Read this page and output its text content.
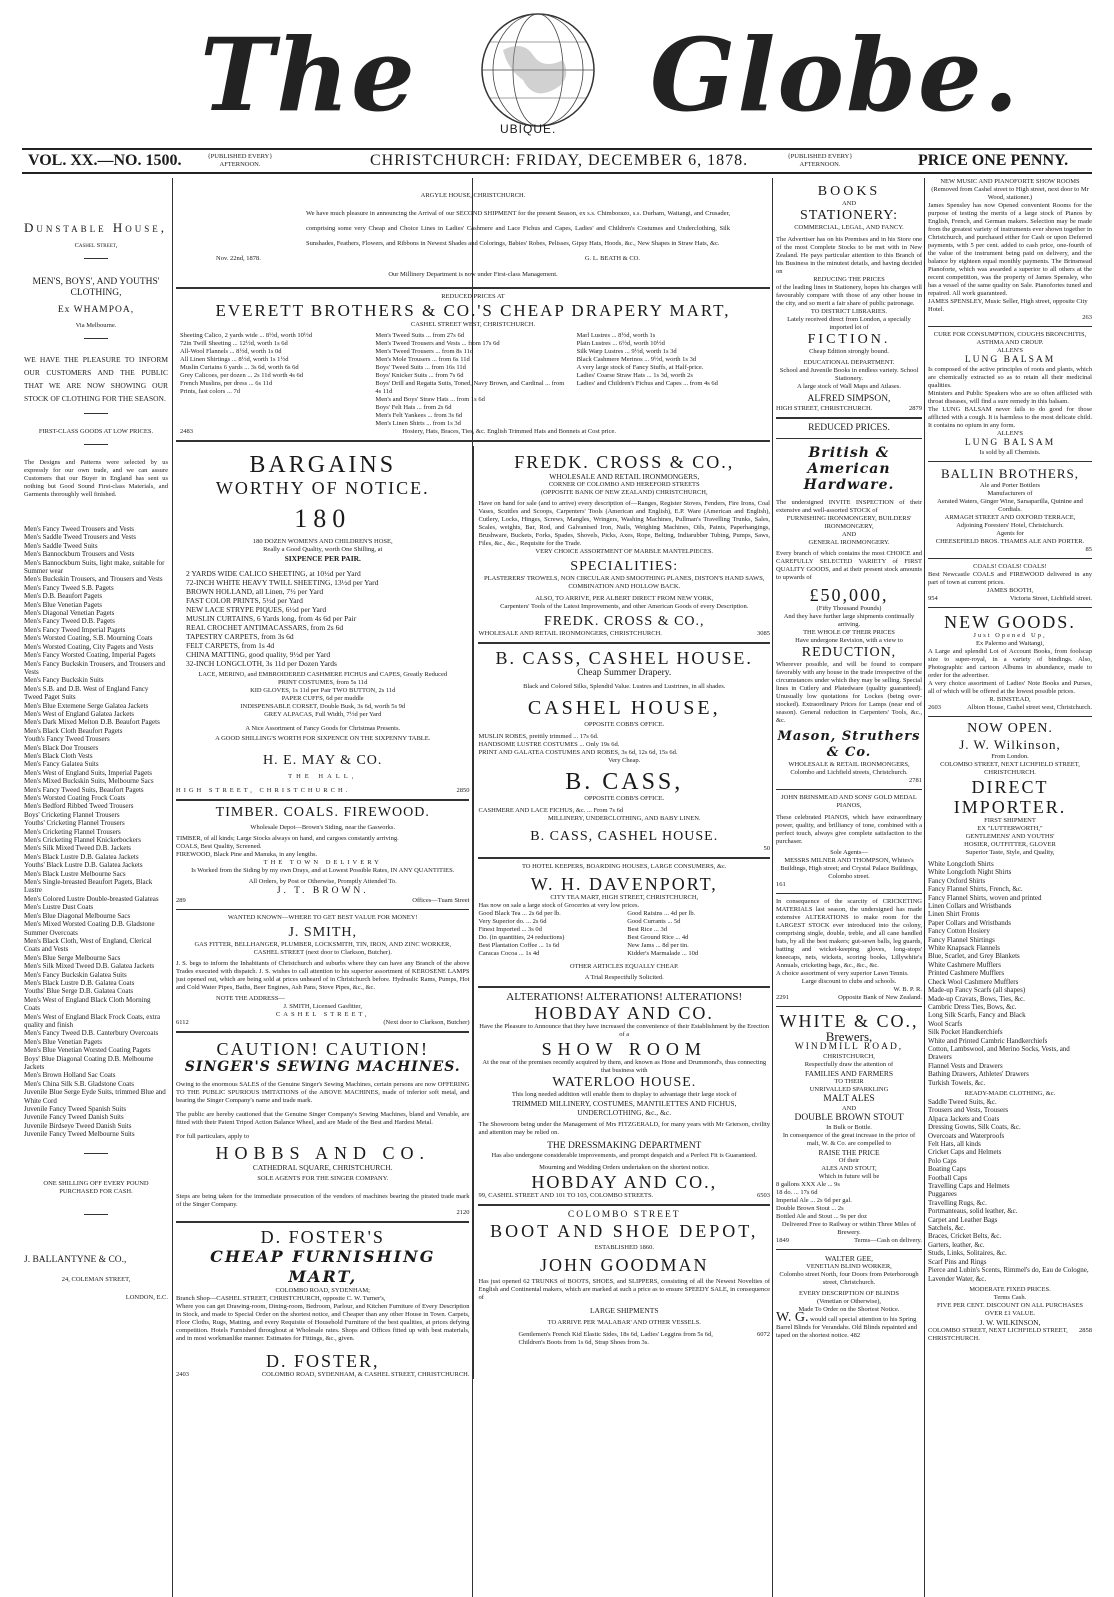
The	UBIQUE. Globe.
VOL. XX.—NO. 1500.	{PUBLISHED EVERY} AFTERNOON.	CHRISTCHURCH: FRIDAY, DECEMBER 6, 1878.	{PUBLISHED EVERY} AFTERNOON.	PRICE ONE PENNY.
Dunstable House,
Cashel Street,
MEN'S, BOYS', AND YOUTHS' CLOTHING,
Ex WHAMPOA,
Via Melbourne.
WE HAVE THE PLEASURE TO INFORM OUR CUSTOMERS AND THE PUBLIC THAT WE ARE NOW SHOWING OUR STOCK OF CLOTHING FOR THE SEASON.
FIRST-CLASS GOODS AT LOW PRICES.
The Designs and Patterns were selected by us expressly for our own trade, and we can assure Customers that our Buyer in England has sent us nothing but Good Sound First-class Materials, and Garments thoroughly well finished.
Men's Fancy Tweed Trousers and Vests
Men's Saddle Tweed Trousers and Vests
Men's Saddle Tweed Suits
Men's Bannockburn Trousers and Vests
Men's Bannockburn Suits, light make, suitable for Summer wear
Men's Buckskin Trousers, and Trousers and Vests
Men's Fancy Tweed S.B. Pagets
Men's D.B. Beaufort Pagets
Men's Blue Venetian Pagets
Men's Diagonal Venetian Pagets
Men's Fancy Tweed D.B. Pagets
Men's Fancy Tweed Imperial Pagets
Men's Worsted Coating, S.B. Mourning Coats
Men's Worsted Coating, City Pagets and Vests
Men's Fancy Worsted Coating, Imperial Pagets
Men's Fancy Buckskin Trousers, and Trousers and Vests
Men's Fancy Buckskin Suits
Men's S.B. and D.B. West of England Fancy Tweed Paget Suits
Men's Blue Extemene Serge Galatea Jackets
Men's West of England Galatea Jackets
Men's Dark Mixed Melton D.B. Beaufort Pagets
Men's Black Cloth Beaufort Pagets
Youth's Fancy Tweed Trousers
Men's Black Doe Trousers
Men's Black Cloth Vests
Men's Fancy Galatea Suits
Men's West of England Suits, Imperial Pagets
Men's Mixed Buckskin Suits, Melbourne Sacs
Men's Fancy Tweed Suits, Beaufort Pagets
Men's Worsted Coating Frock Coats
Men's Bedford Ribbed Tweed Trousers
Boys' Cricketing Flannel Trousers
Youths' Cricketing Flannel Trousers
Men's Cricketing Flannel Trousers
Men's Cricketing Flannel Knickerbockers
Men's Silk Mixed Tweed D.B. Jackets
Men's Black Lustre D.B. Galatea Jackets
Youths' Black Lustre D.B. Galatea Jackets
Men's Black Lustre Melbourne Sacs
Men's Single-breasted Beaufort Pagets, Black Lustre
Men's Colored Lustre Double-breasted Galateas
Men's Lustre Dust Coats
Men's Blue Diagonal Melbourne Sacs
Men's Mixed Worsted Coating D.B. Gladstone Summer Overcoats
Men's Black Cloth, West of England, Clerical Coats and Vests
Men's Blue Serge Melbourne Sacs
Men's Silk Mixed Tweed D.B. Galatea Jackets
Men's Fancy Buckskin Galatea Suits
Men's Black Lustre D.B. Galatea Coats
Youths' Blue Serge D.B. Galatea Coats
Men's West of England Black Cloth Morning Coats
Men's West of England Black Frock Coats, extra quality and finish
Men's Fancy Tweed D.B. Canterbury Overcoats
Men's Blue Venetian Pagets
Men's Blue Venetian Worsted Coating Pagets
Boys' Blue Diagonal Coating D.B. Melbourne Jackets
Men's Brown Holland Sac Coats
Men's China Silk S.B. Gladstone Coats
Juvenile Blue Serge Eyde Suits, trimmed Blue and White Cord
Juvenile Fancy Tweed Spanish Suits
Juvenile Fancy Tweed Danish Suits
Juvenile Birdseye Tweed Danish Suits
Juvenile Fancy Tweed Melbourne Suits
ONE SHILLING OFF EVERY POUND PURCHASED FOR CASH.
J. BALLANTYNE & CO.,
24, COLEMAN STREET,
LONDON, E.C.
ARGYLE HOUSE, CHRISTCHURCH.
We have much pleasure in announcing the Arrival of our SECOND SHIPMENT for the present Season, ex s.s. Chimborazo, s.s. Durham, Waitangi, and Crusader, comprising some very Cheap and Choice Lines in Ladies' Cashmere and Lace Fichus and Capes, Ladies' and Children's Costumes and Underclothing, Silk Sunshades, Feathers, Flowers, and Ribbons in Newest Shades and Colorings, Babies' Robes, Pelisses, Gipsy Hats, Hoods, &c., New Shapes in Straw Hats, &c.
Nov. 22nd, 1878.	G. L. BEATH & CO.
Our Millinery Department is now under First-class Management.
REDUCED PRICES AT
EVERETT BROTHERS & CO.'S CHEAP DRAPERY MART,
CASHEL STREET WEST, CHRISTCHURCH.
Sheeting Calico, 2 yards wide ... 8½d, worth 10½d
72in Twill Sheeting ... 12½d, worth 1s 6d
All-Wool Flannels ... 8½d, worth 1s 0d
All Linen Shirtings ... 8½d, worth 1s 1½d
Muslin Curtains 6 yards ... 3s 6d, worth 6s 6d
Grey Calicoes, per dozen ... 2s 11d worth 4s 6d
French Muslins, per dress ... 6s 11d
Prints, fast colors ... 7d
Men's Tweed Suits ... from 27s 6d
Men's Tweed Trousers and Vests ... from 17s 6d
Men's Tweed Trousers ... from 8s 11d
Men's Mole Trousers ... from 6s 11d
Boys' Tweed Suits ... from 16s 11d
Boys' Knicker Suits ... from 7s 6d
Boys' Drill and Regatta Suits, Toned, Navy Brown, and Cardinal ... from 4s 11d
Men's and Boys' Straw Hats ... from 1s 6d
Boys' Felt Hats ... from 2s 6d
Men's Felt Yankees ... from 3s 6d
Men's Linen Shirts ... from 1s 3d
Marl Lustres ... 8½d, worth 1s
Plain Lustres ... 6½d, worth 10½d
Silk Warp Lustres ... 9½d, worth 1s 3d
Black Cashmere Merinos ... 9½d, worth 1s 3d
A very large stock of Fancy Stuffs, at Half-price.
Ladies' Coarse Straw Hats ... 1s 3d, worth 2s
Ladies' and Children's Fichus and Capes ... from 4s 6d
2483	Hosiery, Hats, Braces, Ties, &c. English Trimmed Hats and Bonnets at Cost price.
BARGAINS
WORTHY OF NOTICE.
180
180 DOZEN WOMEN'S AND CHILDREN'S HOSE,
Really a Good Quality, worth One Shilling, at
SIXPENCE PER PAIR.
2 YARDS WIDE CALICO SHEETING, at 10½d per Yard
72-INCH WHITE HEAVY TWILL SHEETING, 13½d per Yard
BROWN HOLLAND, all Linen, 7½ per Yard
FAST COLOR PRINTS, 5½d per Yard
NEW LACE STRYPE PIQUES, 6½d per Yard
MUSLIN CURTAINS, 6 Yards long, from 4s 6d per Pair
REAL CROCHET ANTIMACASSARS, from 2s 6d
TAPESTRY CARPETS, from 3s 6d
FELT CARPETS, from 1s 4d
CHINA MATTING, good quality, 9½d per Yard
32-INCH LONGCLOTH, 3s 11d per Dozen Yards
LACE, MERINO, and EMBROIDERED CASHMERE FICHUS and CAPES, Greatly Reduced
PRINT COSTUMES, from 5s 11d
KID GLOVES, 1s 11d per Pair TWO BUTTON, 2s 11d
PAPER CUFFS, 6d per muddle
INDISPENSABLE CORSET, Double Busk, 3s 6d, worth 5s 9d
GREY ALPACAS, Full Width, 7½d per Yard
A Nice Assortment of Fancy Goods for Christmas Presents.
A GOOD SHILLING'S WORTH FOR SIXPENCE ON THE SIXPENNY TABLE.
H. E. MAY & CO.
THE HALL,
HIGH STREET, CHRISTCHURCH.	2850
TIMBER. COALS. FIREWOOD.
Wholesale Depot—Brown's Siding, near the Gasworks.
TIMBER, of all kinds; Large Stocks always on hand, and cargoes constantly arriving.
COALS, Best Quality, Screened.
FIREWOOD, Black Pine and Manuka, in any lengths.
THE TOWN DELIVERY
Is Worked from the Siding by my own Drays, and at Lowest Possible Rates, IN ANY QUANTITIES.
All Orders, by Post or Otherwise, Promptly Attended To.
J. T. BROWN.
289	Offices—Tuam Street
WANTED KNOWN—WHERE TO GET BEST VALUE FOR MONEY!
J. SMITH,
GAS FITTER, BELLHANGER, PLUMBER, LOCKSMITH, TIN, IRON, AND ZINC WORKER,
CASHEL STREET (next door to Clarkson, Butcher).
J. S. begs to inform the Inhabitants of Christchurch and suburbs where they can have any Branch of the above Trades executed with dispatch. J. S. wishes to call attention to his superior assortment of KEROSENE LAMPS just opened out, which are being sold at prices unheard of in Christchurch before. Hydraulic Rams, Pumps, Hot and Cold Water Pipes, Baths, Beer Engines, Ash Pans, Stove Pipes, &c., &c.
NOTE THE ADDRESS—
J. SMITH, Licensed Gasfitter,
CASHEL STREET,
6112	(Next door to Clarkson, Butcher)
CAUTION! CAUTION!
SINGER'S SEWING MACHINES.
Owing to the enormous SALES of the Genuine Singer's Sewing Machines, certain persons are now OFFERING TO THE PUBLIC SPURIOUS IMITATIONS of the ABOVE MACHINES, made of inferior soft metal, and bearing the Singer Company's name and trade mark.
The public are hereby cautioned that the Genuine Singer Company's Sewing Machines, bland and Venable, are fitted with their Patent Tripod Action Balance Wheel, and are Made of the Best and Hardest Metal.
For full particulars, apply to
HOBBS AND CO.
CATHEDRAL SQUARE, CHRISTCHURCH.
SOLE AGENTS FOR THE SINGER COMPANY.
Steps are being taken for the immediate prosecution of the vendors of machines bearing the pirated trade mark of the Singer Company.
2120
D. FOSTER'S
CHEAP FURNISHING MART,
COLOMBO ROAD, SYDENHAM;
Branch Shop—CASHEL STREET, CHRISTCHURCH, opposite C. W. Turner's,
Where you can get Drawing-room, Dining-room, Bedroom, Parlour, and Kitchen Furniture of Every Description in Stock, and made to Special Order on the shortest notice, and Cheaper than any other House in Town. Carpets, Floor Cloths, Rugs, Matting, and every Requisite of Household Furniture of the best qualities, at prices defying competition. Hotels Furnished throughout at Wholesale rates. Shops and Offices fitted up with best materials, and in most workmanlike manner. Estimates for Fittings, &c., given.
D. FOSTER,
2403	COLOMBO ROAD, SYDENHAM, & CASHEL STREET, CHRISTCHURCH.
FREDK. CROSS & CO.,
WHOLESALE AND RETAIL IRONMONGERS,
CORNER OF COLOMBO AND HEREFORD STREETS
(OPPOSITE BANK OF NEW ZEALAND) CHRISTCHURCH,
Have on hand for sale (and to arrive) every description of—Ranges, Register Stoves, Fenders, Fire Irons, Coal Vases, Scuttles and Scoops, Carpenters' Tools (American and English), E.P. Ware (American and English), Cutlery, Locks, Hinges, Screws, Mangles, Wringers, Washing Machines, Pullman's Travelling Trunks, Sales, Scales, weights, Bar, Rod, and Galvanised Iron, Nails, Weighing Machines, Oils, Paints, Paperhangings, Brushware, Buckets, Forks, Spades, Shovels, Picks, Axes, Rope, Belting, Indiarubber Tubing, Pumps, Saws, Files, &c., &c., Requisite for the Trade.
VERY CHOICE ASSORTMENT OF MARBLE MANTELPIECES.
SPECIALITIES:
PLASTERERS' TROWELS, NON CIRCULAR AND SMOOTHING PLANES, DISTON'S HAND SAWS, COMBINATION AND HOLLOW BACK.
ALSO, TO ARRIVE, PER ALBERT DIRECT FROM NEW YORK,
Carpenters' Tools of the Latest Improvements, and other American Goods of every Description.
FREDK. CROSS & CO.,
WHOLESALE AND RETAIL IRONMONGERS, CHRISTCHURCH.	3085
B. CASS, CASHEL HOUSE.
Cheap Summer Drapery.
Black and Colored Silks, Splendid Value. Lustres and Lustrines, in all shades.
CASHEL HOUSE,
OPPOSITE COBB'S OFFICE.
MUSLIN ROBES, prettily trimmed ... 17s 6d.
HANDSOME LUSTRE COSTUMES ... Only 19s 6d.
PRINT AND GALATEA COSTUMES AND ROBES, 3s 6d, 12s 6d, 15s 6d.
Very Cheap.
B. CASS,
OPPOSITE COBB'S OFFICE.
CASHMERE AND LACE FICHUS, &c. ... From 7s 6d
MILLINERY, UNDERCLOTHING, AND BABY LINEN.
B. CASS, CASHEL HOUSE.
50
TO HOTEL KEEPERS, BOARDING HOUSES, LARGE CONSUMERS, &c.
W. H. DAVENPORT,
CITY TEA MART, HIGH STREET, CHRISTCHURCH,
Has now on sale a large stock of Groceries at very low prices.
Good Black Tea ... 2s 6d per lb.
Very Superior do. ... 2s 6d
Finest Imported ... 3s 0d
Do. (in quantities, 24 reductions)
Best Plantation Coffee ... 1s 6d
Caracas Cocoa ... 1s 4d
Good Raisins ... 4d per lb.
Good Currants ... 5d
Best Rice ... 3d
Best Ground Rice ... 4d
New Jams ... 8d per tin.
Kidder's Marmalade ... 10d
OTHER ARTICLES EQUALLY CHEAP.
A Trial Respectfully Solicited.
ALTERATIONS! ALTERATIONS! ALTERATIONS!
HOBDAY AND CO.
Have the Pleasure to Announce that they have increased the convenience of their Establishment by the Erection of a
SHOW ROOM
At the rear of the premises recently acquired by them, and known as Hone and Drummond's, thus connecting that business with
WATERLOO HOUSE.
This long needed addition will enable them to display to advantage their large stock of
TRIMMED MILLINERY, COSTUMES, MANTILETTES AND FICHUS, UNDERCLOTHING, &c., &c.
The Showroom being under the Management of Mrs FITZGERALD, for many years with Mr Grierson, civility and attention may be relied on.
THE DRESSMAKING DEPARTMENT
Has also undergone considerable improvements, and prompt despatch and a Perfect Fit is Guaranteed.
Mourning and Wedding Orders undertaken on the shortest notice.
HOBDAY AND CO.,
99, CASHEL STREET AND 101 TO 103, COLOMBO STREETS.	6503
COLOMBO STREET
BOOT AND SHOE DEPOT,
ESTABLISHED 1860.
JOHN GOODMAN
Has just opened 62 TRUNKS of BOOTS, SHOES, and SLIPPERS, consisting of all the Newest Novelties of English and Continental makers, which are marked at such a price as to ensure SPEEDY SALE, in consequence of
LARGE SHIPMENTS
TO ARRIVE PER 'MALABAR' AND OTHER VESSELS.
Gentlemen's French Kid Elastic Sides, 18s 6d, Ladies' Leggins from 5s 6d, Children's Boots from 1s 6d, Strap Shoes from 3s.
6072
BOOKS
AND
STATIONERY:
COMMERCIAL, LEGAL, AND FANCY.
The Advertiser has on his Premises and in his Store one of the most Complete Stocks to be met with in New Zealand. He pays particular attention to this Branch of his Business in the minutest details, and having decided on
REDUCING THE PRICES
of the leading lines in Stationery, hopes his charges will favourably compare with those of any other house in the city, and so merit a fair share of public patronage.
TO DISTRICT LIBRARIES.
Lately received direct from London, a specially imported lot of
FICTION.
Cheap Edition strongly bound.
EDUCATIONAL DEPARTMENT.
School and Juvenile Books in endless variety. School Stationery.
A large stock of Wall Maps and Atlases.
ALFRED SIMPSON,
HIGH STREET, CHRISTCHURCH.	2879
REDUCED PRICES.
British & American Hardware.
The undersigned INVITE INSPECTION of their extensive and well-assorted STOCK of
FURNISHING IRONMONGERY, BUILDERS' IRONMONGERY,
AND
GENERAL IRONMONGERY.
Every branch of which contains the most CHOICE and CAREFULLY SELECTED VARIETY of FIRST QUALITY GOODS, and at their present stock amounts to upwards of
£50,000,
(Fifty Thousand Pounds)
And they have further large shipments continually arriving.
THE WHOLE OF THEIR PRICES
Have undergone Revision, with a view to
REDUCTION,
Wherever possible, and will be found to compare favorably with any house in the trade irrespective of the circumstances under which they may be selling. Special lines in Cutlery and Platedware (quality guaranteed). Unusually low quotations for Lockes (being over-stocked). Extraordinary Prices for Lamps (near end of season). General reduction in Carpenters' Tools, &c., &c.
Mason, Struthers & Co.
WHOLESALE & RETAIL IRONMONGERS,
Colombo and Lichfield streets, Christchurch.
2781
JOHN BRINSMEAD AND SONS' GOLD MEDAL PIANOS,
These celebrated PIANOS, which have extraordinary power, quality, and brilliancy of tone, combined with a perfect touch, always give complete satisfaction to the purchaser.
Sole Agents—
MESSRS MILNER AND THOMPSON, Whites's Buildings, High street; and Crystal Palace Buildings, Colombo street.
161
In consequence of the scarcity of CRICKETING MATERIALS last season, the undersigned has made extensive ALTERATIONS to make room for the LARGEST STOCK ever introduced into the colony, comprising single, double, treble, and all cane handled bats, by all the best makers; gut-sewn balls, leg guards, batting and wicket-keeping gloves, long-stops' kneecaps, nets, wickets, scoring books, Lillywhite's Annuals, cricketing bags, &c., &c., &c.
A choice assortment of very superior Lawn Tennis.
Large discount to clubs and schools.
W. B. P. R.
2291	Opposite Bank of New Zealand.
WHITE & CO.,
Brewers,
WINDMILL ROAD,
CHRISTCHURCH,
Respectfully draw the attention of
FAMILIES AND FARMERS
TO THEIR
UNRIVALLED SPARKLING
MALT ALES
AND
DOUBLE BROWN STOUT
In Bulk or Bottle.
In consequence of the great increase in the price of malt, W. & Co. are compelled to
RAISE THE PRICE
Of their
ALES AND STOUT,
Which in future will be
8 gallons XXX Ale ... 9s
18 do. ... 17s 6d
Imperial Ale ... 2s 6d per gal.
Double Brown Stout ... 2s
Bottled Ale and Stout ... 9s per doz
Delivered Free to Railway or within Three Miles of Brewery.
1849	Terms—Cash on delivery.
WALTER GEE,
VENETIAN BLIND WORKER,
Colombo street North, four Doors from Peterborough street, Christchurch.
EVERY DESCRIPTION OF BLINDS
(Venetian or Otherwise),
Made To Order on the Shortest Notice.
W. G. would call special attention to his Spring Barrel Blinds for Verandahs. Old Blinds repainted and taped on the shortest notice. 482
NEW MUSIC AND PIANOFORTE SHOW ROOMS
(Removed from Cashel street to High street, next door to Mr Wood, stationer.)
James Spensley has now Opened convenient Rooms for the purpose of testing the merits of a large stock of Pianos by English, French, and German makers. Selection may be made from the greatest variety of instruments ever shown together in Christchurch, and purchased either for Cash or upon Deferred payments, with 5 per cent. added to cash price, one-fourth of the value of the instrument being paid on delivery, and the balance by eighteen equal monthly payments. The Brinsmead Pianoforte, which was awarded a superior to all others at the recent competition, was the property of James Spensley, who has a vessel of the same quality on Sale. Pianofortes tuned and repaired. All work guaranteed.
JAMES SPENSLEY, Music Seller, High street, opposite City Hotel.
263
CURE FOR CONSUMPTION, COUGHS BRONCHITIS, ASTHMA AND CROUP.
ALLEN'S
LUNG BALSAM
Is composed of the active principles of roots and plants, which are chemically extracted so as to retain all their medicinal qualities.
Ministers and Public Speakers who are so often afflicted with throat diseases, will find a sure remedy in this balsam.
The LUNG BALSAM never fails to do good for those afflicted with a cough. It is harmless to the most delicate child. It contains no opium in any form.
ALLEN'S
LUNG BALSAM
Is sold by all Chemists.
BALLIN BROTHERS,
Ale and Porter Bottlers
Manufacturers of
Aerated Waters, Ginger Wine, Sarsaparilla, Quinine and Cordials.
ARMAGH STREET AND OXFORD TERRACE,
Adjoining Foresters' Hotel, Christchurch.
Agents for
CHEESEFIELD BROS. THAMES ALE AND PORTER.
85
COALS! COALS! COALS!
Best Newcastle COALS and FIREWOOD delivered in any part of town at current prices.
JAMES BOOTH,
954	Victoria Street, Lichfield street.
NEW GOODS.
Just Opened Up,
Ex Palermo and Waitangi,
A Large and splendid Lot of Account Books, from foolscap size to super-royal, in a variety of bindings. Also, Photographic and cartoon Albums in abundance, made to order for the advertiser.
A very choice assortment of Ladies' Note Books and Purses, all of which will be offered at the lowest possible prices.
R. BINSTEAD,
2603	Albion House, Cashel street west, Christchurch.
NOW OPEN.
J. W. Wilkinson,
From London.
COLOMBO STREET, NEXT LICHFIELD STREET, CHRISTCHURCH.
DIRECT
IMPORTER.
FIRST SHIPMENT
EX "LUTTERWORTH,"
GENTLEMENS' AND YOUTHS'
HOSIER, OUTFITTER, GLOVER
Superior Taste, Style, and Quality,
White Longcloth Shirts
White Longcloth Night Shirts
Fancy Oxford Shirts
Fancy Flannel Shirts, French, &c.
Fancy Flannel Shirts, woven and printed
Linen Collars and Wristbands
Linen Shirt Fronts
Paper Collars and Wristbands
Fancy Cotton Hosiery
Fancy Flannel Shirtings
White Knapsack Flannels
Blue, Scarlet, and Grey Blankets
White Cashmere Mufflers
Printed Cashmere Mufflers
Check Wool Cashmere Mufflers
Made-up Fancy Scarfs (all shapes)
Made-up Cravats, Bows, Ties, &c.
Cambric Dress Ties, Bows, &c.
Long Silk Scarfs, Fancy and Black
Wool Scarfs
Silk Pocket Handkerchiefs
White and Printed Cambric Handkerchiefs
Cotton, Lambswool, and Merino Socks, Vests, and Drawers
Flannel Vests and Drawers
Bathing Drawers, Athletes' Drawers
Turkish Towels, &c.
READY-MADE CLOTHING, &c.
Saddle Tweed Suits, &c.
Trousers and Vests, Trousers
Alpaca Jackets and Coats
Dressing Gowns, Silk Coats, &c.
Overcoats and Waterproofs
Felt Hats, all kinds
Cricket Caps and Helmets
Polo Caps
Boating Caps
Football Caps
Travelling Caps and Helmets
Puggarees
Travelling Rugs, &c.
Portmanteaus, solid leather, &c.
Carpet and Leather Bags
Satchels, &c.
Braces, Cricket Belts, &c.
Garters, leather, &c.
Studs, Links, Solitaires, &c.
Scarf Pins and Rings
Pierce and Lubin's Scents, Rimmel's do, Eau de Cologne, Lavender Water, &c.
MODERATE FIXED PRICES.
Terms Cash.
FIVE PER CENT. DISCOUNT ON ALL PURCHASES OVER £1 VALUE.
J. W. WILKINSON,
COLOMBO STREET, NEXT LICHFIELD STREET, CHRISTCHURCH.
2858
